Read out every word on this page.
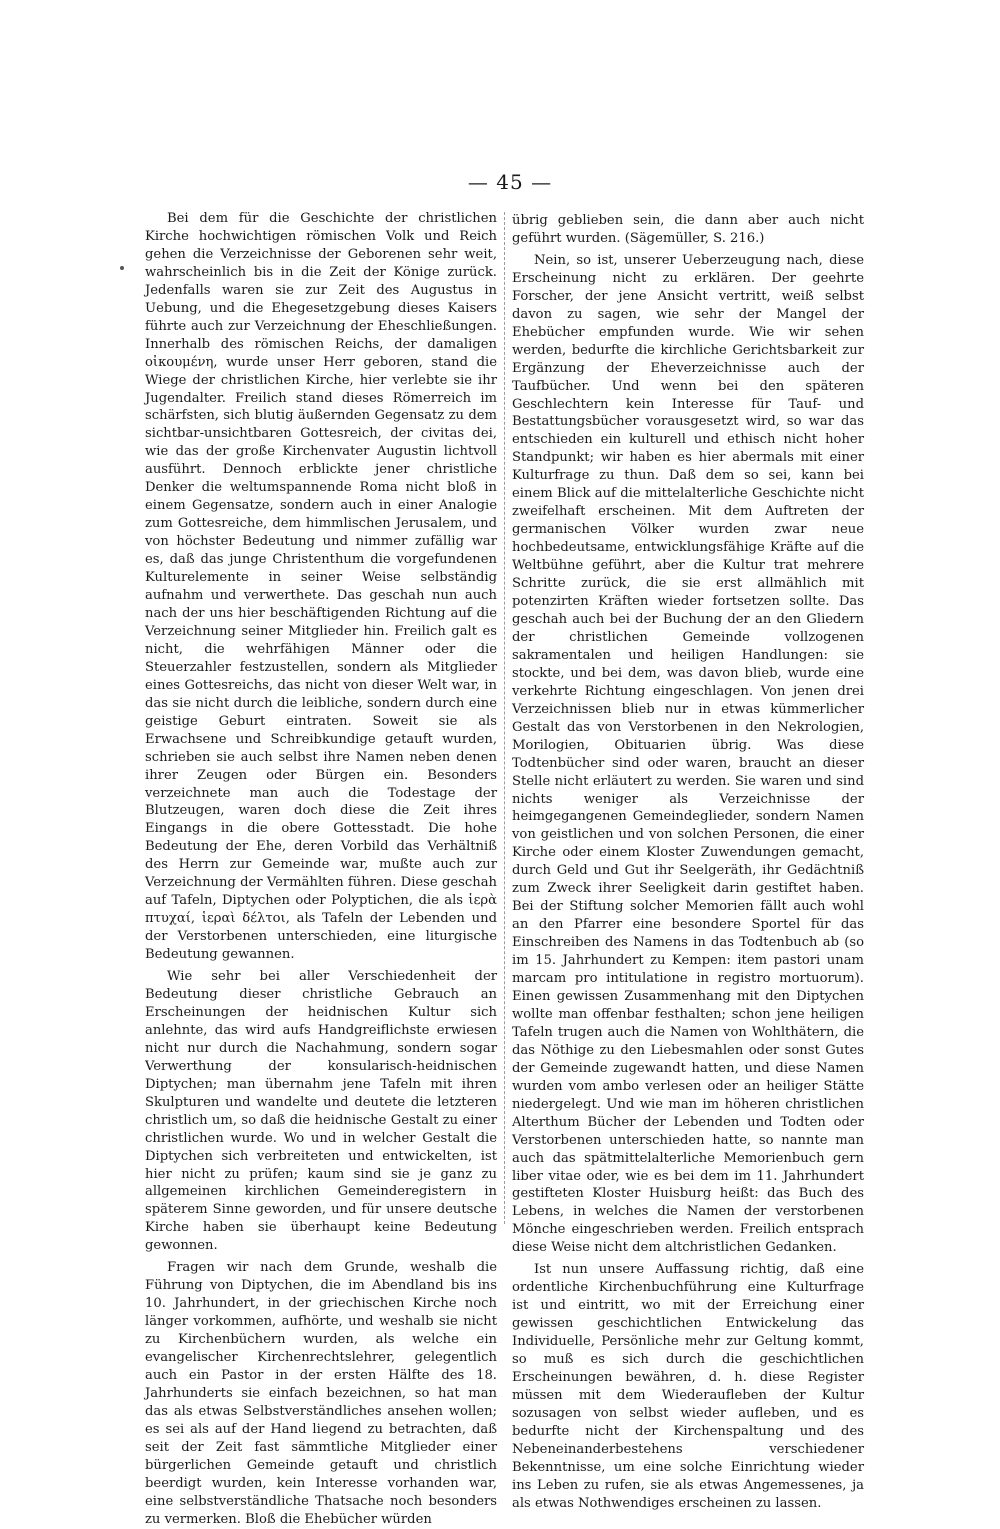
— 45 —

Bei dem für die Geschichte der christlichen Kirche hochwichtigen römischen Volk und Reich gehen die Verzeichnisse der Geborenen sehr weit, wahrscheinlich bis in die Zeit der Könige zurück. Jedenfalls waren sie zur Zeit des Augustus in Uebung, und die Ehegesetzgebung dieses Kaisers führte auch zur Verzeichnung der Eheschließungen. Innerhalb des römischen Reichs, der damaligen οἰκουμένη, wurde unser Herr geboren, stand die Wiege der christlichen Kirche, hier verlebte sie ihr Jugendalter. Freilich stand dieses Römerreich im schärfsten, sich blutig äußernden Gegensatz zu dem sichtbar-unsichtbaren Gottesreich, der civitas dei, wie das der große Kirchenvater Augustin lichtvoll ausführt. Dennoch erblickte jener christliche Denker die weltumspannende Roma nicht bloß in einem Gegensatze, sondern auch in einer Analogie zum Gottesreiche, dem himmlischen Jerusalem, und von höchster Bedeutung und nimmer zufällig war es, daß das junge Christenthum die vorgefundenen Kulturelemente in seiner Weise selbständig aufnahm und verwerthete. Das geschah nun auch nach der uns hier beschäftigenden Richtung auf die Verzeichnung seiner Mitglieder hin. Freilich galt es nicht, die wehrfähigen Männer oder die Steuerzahler festzustellen, sondern als Mitglieder eines Gottesreichs, das nicht von dieser Welt war, in das sie nicht durch die leibliche, sondern durch eine geistige Geburt eintraten. Soweit sie als Erwachsene und Schreibkundige getauft wurden, schrieben sie auch selbst ihre Namen neben denen ihrer Zeugen oder Bürgen ein. Besonders verzeichnete man auch die Todestage der Blutzeugen, waren doch diese die Zeit ihres Eingangs in die obere Gottesstadt. Die hohe Bedeutung der Ehe, deren Vorbild das Verhältniß des Herrn zur Gemeinde war, mußte auch zur Verzeichnung der Vermählten führen. Diese geschah auf Tafeln, Diptychen oder Polyptichen, die als ἱερὰ πτυχαί, ἱεραὶ δέλτοι, als Tafeln der Lebenden und der Verstorbenen unterschieden, eine liturgische Bedeutung gewannen.

Wie sehr bei aller Verschiedenheit der Bedeutung dieser christliche Gebrauch an Erscheinungen der heidnischen Kultur sich anlehnte, das wird aufs Handgreiflichste erwiesen nicht nur durch die Nachahmung, sondern sogar Verwerthung der konsularisch-heidnischen Diptychen; man übernahm jene Tafeln mit ihren Skulpturen und wandelte und deutete die letzteren christlich um, so daß die heidnische Gestalt zu einer christlichen wurde. Wo und in welcher Gestalt die Diptychen sich verbreiteten und entwickelten, ist hier nicht zu prüfen; kaum sind sie je ganz zu allgemeinen kirchlichen Gemeinderegistern in späterem Sinne geworden, und für unsere deutsche Kirche haben sie überhaupt keine Bedeutung gewonnen.

Fragen wir nach dem Grunde, weshalb die Führung von Diptychen, die im Abendland bis ins 10. Jahrhundert, in der griechischen Kirche noch länger vorkommen, aufhörte, und weshalb sie nicht zu Kirchenbüchern wurden, als welche ein evangelischer Kirchenrechtslehrer, gelegentlich auch ein Pastor in der ersten Hälfte des 18. Jahrhunderts sie einfach bezeichnen, so hat man das als etwas Selbstverständliches ansehen wollen; es sei als auf der Hand liegend zu betrachten, daß seit der Zeit fast sämmtliche Mitglieder einer bürgerlichen Gemeinde getauft und christlich beerdigt wurden, kein Interesse vorhanden war, eine selbstverständliche Thatsache noch besonders zu vermerken. Bloß die Ehebücher würden

übrig geblieben sein, die dann aber auch nicht geführt wurden. (Sägemüller, S. 216.)

Nein, so ist, unserer Ueberzeugung nach, diese Erscheinung nicht zu erklären. Der geehrte Forscher, der jene Ansicht vertritt, weiß selbst davon zu sagen, wie sehr der Mangel der Ehebücher empfunden wurde. Wie wir sehen werden, bedurfte die kirchliche Gerichtsbarkeit zur Ergänzung der Eheverzeichnisse auch der Taufbücher. Und wenn bei den späteren Geschlechtern kein Interesse für Tauf- und Bestattungsbücher vorausgesetzt wird, so war das entschieden ein kulturell und ethisch nicht hoher Standpunkt; wir haben es hier abermals mit einer Kulturfrage zu thun. Daß dem so sei, kann bei einem Blick auf die mittelalterliche Geschichte nicht zweifelhaft erscheinen. Mit dem Auftreten der germanischen Völker wurden zwar neue hochbedeutsame, entwicklungsfähige Kräfte auf die Weltbühne geführt, aber die Kultur trat mehrere Schritte zurück, die sie erst allmählich mit potenzirten Kräften wieder fortsetzen sollte. Das geschah auch bei der Buchung der an den Gliedern der christlichen Gemeinde vollzogenen sakramentalen und heiligen Handlungen: sie stockte, und bei dem, was davon blieb, wurde eine verkehrte Richtung eingeschlagen. Von jenen drei Verzeichnissen blieb nur in etwas kümmerlicher Gestalt das von Verstorbenen in den Nekrologien, Morilogien, Obituarien übrig. Was diese Todtenbücher sind oder waren, braucht an dieser Stelle nicht erläutert zu werden. Sie waren und sind nichts weniger als Verzeichnisse der heimgegangenen Gemeindeglieder, sondern Namen von geistlichen und von solchen Personen, die einer Kirche oder einem Kloster Zuwendungen gemacht, durch Geld und Gut ihr Seelgeräth, ihr Gedächtniß zum Zweck ihrer Seeligkeit darin gestiftet haben. Bei der Stiftung solcher Memorien fällt auch wohl an den Pfarrer eine besondere Sportel für das Einschreiben des Namens in das Todtenbuch ab (so im 15. Jahrhundert zu Kempen: item pastori unam marcam pro intitulatione in registro mortuorum). Einen gewissen Zusammenhang mit den Diptychen wollte man offenbar festhalten; schon jene heiligen Tafeln trugen auch die Namen von Wohlthätern, die das Nöthige zu den Liebesmahlen oder sonst Gutes der Gemeinde zugewandt hatten, und diese Namen wurden vom ambo verlesen oder an heiliger Stätte niedergelegt. Und wie man im höheren christlichen Alterthum Bücher der Lebenden und Todten oder Verstorbenen unterschieden hatte, so nannte man auch das spätmittelalterliche Memorienbuch gern liber vitae oder, wie es bei dem im 11. Jahrhundert gestifteten Kloster Huisburg heißt: das Buch des Lebens, in welches die Namen der verstorbenen Mönche eingeschrieben werden. Freilich entsprach diese Weise nicht dem altchristlichen Gedanken.

Ist nun unsere Auffassung richtig, daß eine ordentliche Kirchenbuchführung eine Kulturfrage ist und eintritt, wo mit der Erreichung einer gewissen geschichtlichen Entwickelung das Individuelle, Persönliche mehr zur Geltung kommt, so muß es sich durch die geschichtlichen Erscheinungen bewähren, d. h. diese Register müssen mit dem Wiederaufleben der Kultur sozusagen von selbst wieder aufleben, und es bedurfte nicht der Kirchenspaltung und des Nebeneinanderbestehens verschiedener Bekenntnisse, um eine solche Einrichtung wieder ins Leben zu rufen, sie als etwas Angemessenes, ja als etwas Nothwendiges erscheinen zu lassen.
